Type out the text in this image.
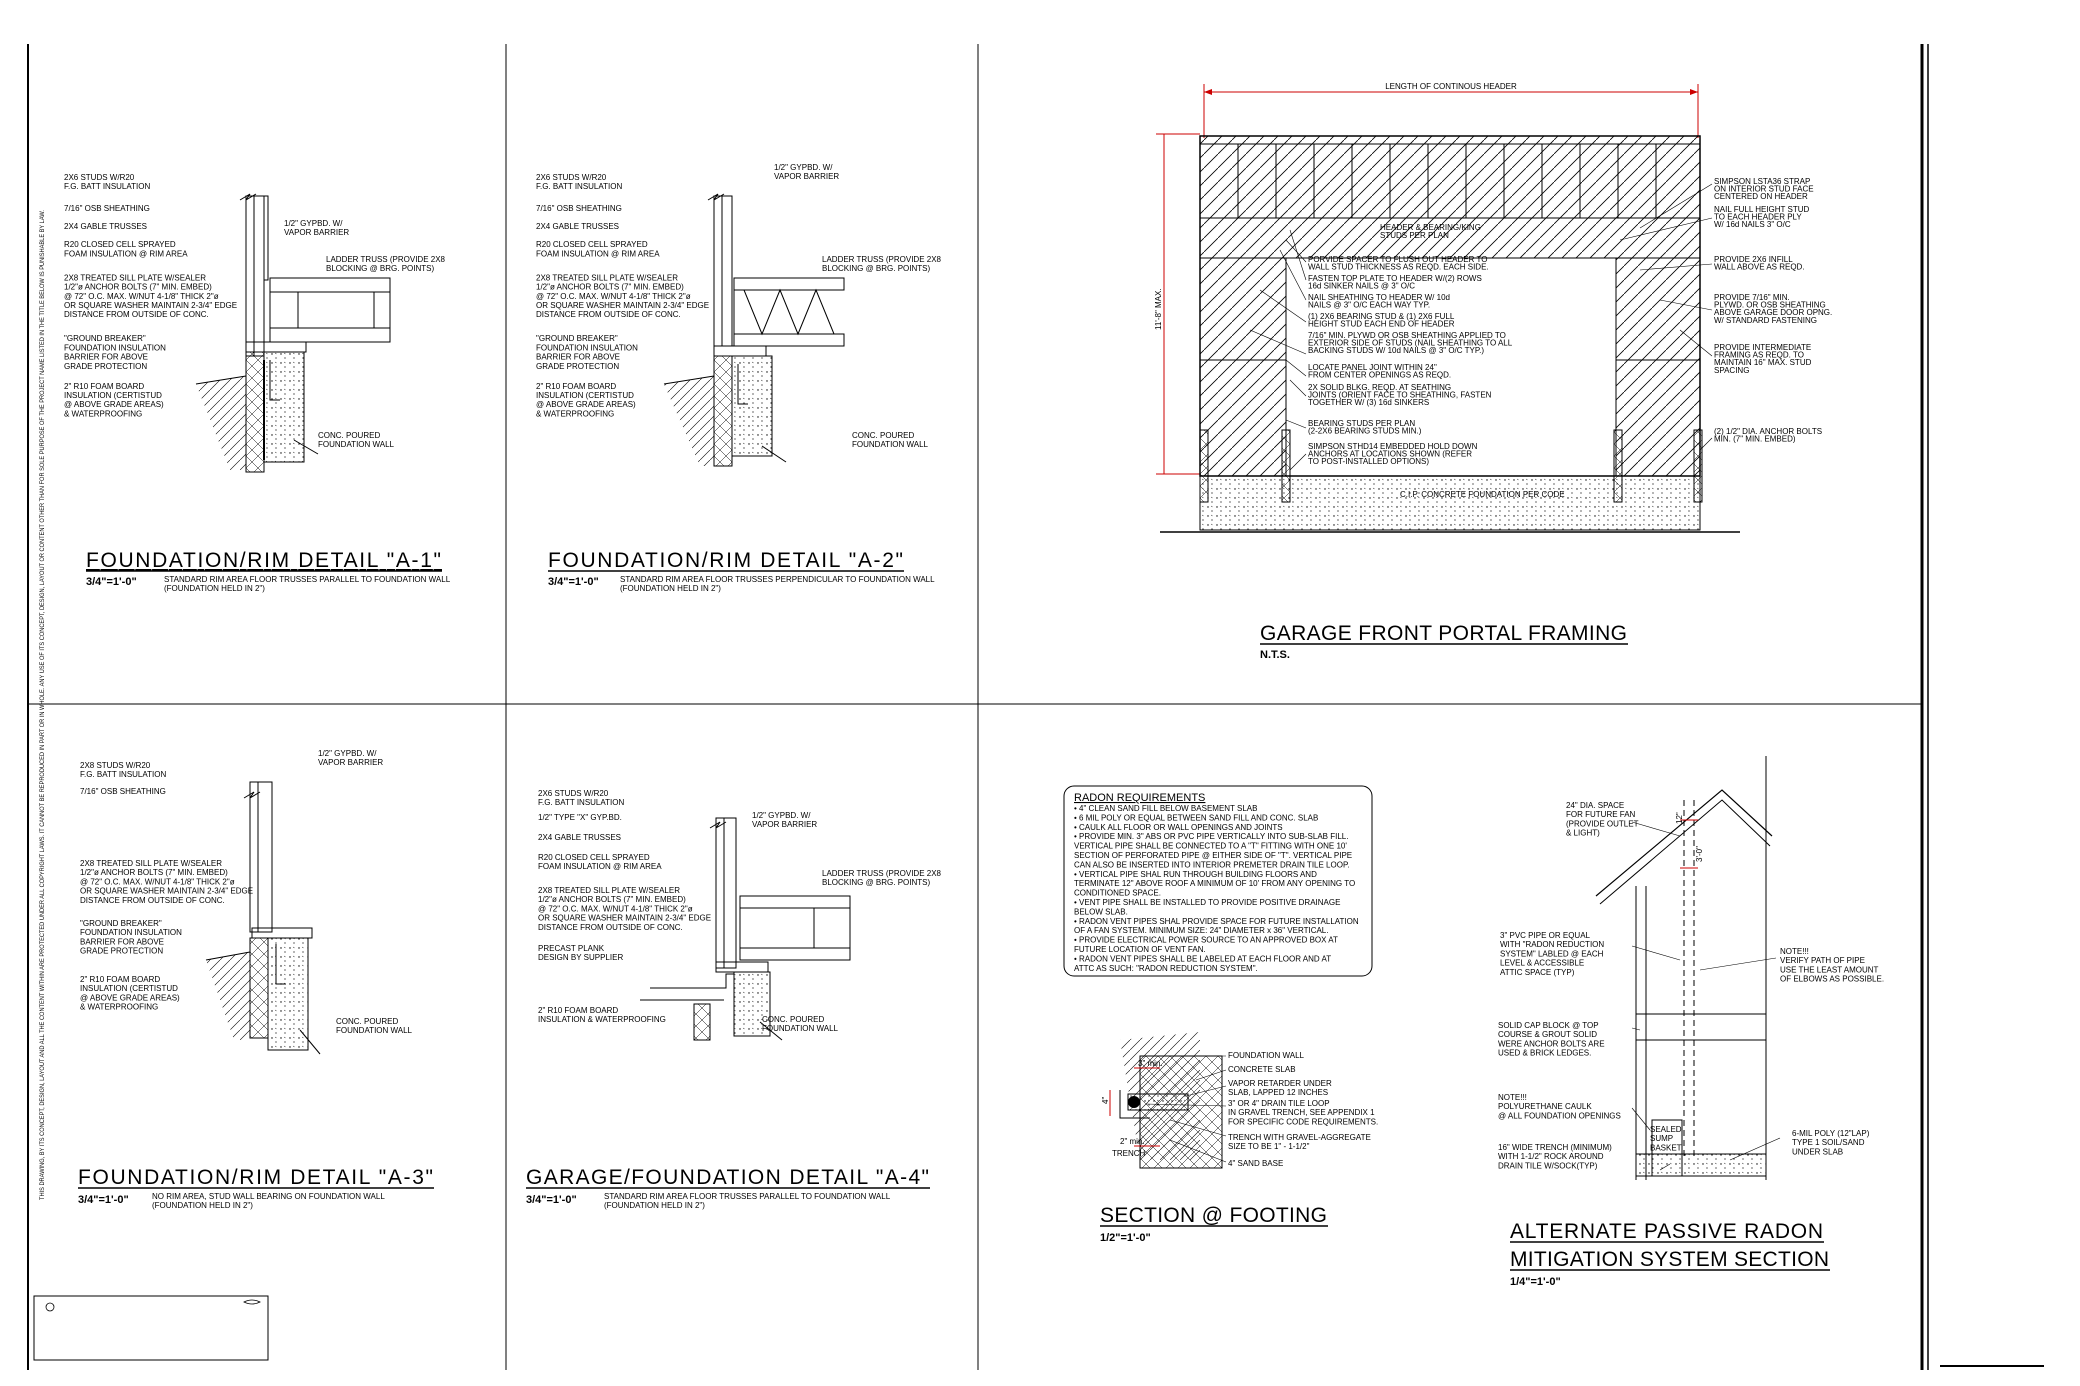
THIS DRAWING, BY ITS CONCEPT, DESIGN, LAYOUT AND ALL THE CONTENT WITHIN ARE PROTECTED UNDER ALL COPYRIGHT LAWS. IT CANNOT BE REPRODUCED IN PART OR IN WHOLE. ANY USE OF ITS CONCEPT, DESIGN, LAYOUT OR CONTENT OTHER THAN FOR SOLE PURPOSE OF THE PROJECT NAME LISTED IN THE TITLE BELOW IS PUNISHABLE BY LAW. 2X6 STUDS W/R20
F.G. BATT INSULATION
7/16" OSB SHEATHING
2X4 GABLE TRUSSES
R20 CLOSED CELL SPRAYED
FOAM INSULATION @ RIM AREA
2X8 TREATED SILL PLATE W/SEALER
1/2"ø ANCHOR BOLTS (7" MIN. EMBED)
@ 72" O.C. MAX. W/NUT 4-1/8" THICK 2"ø
OR SQUARE WASHER MAINTAIN 2-3/4" EDGE
DISTANCE FROM OUTSIDE OF CONC.
"GROUND BREAKER"
FOUNDATION INSULATION
BARRIER FOR ABOVE
GRADE PROTECTION
2" R10 FOAM BOARD
INSULATION (CERTISTUD
@ ABOVE GRADE AREAS)
& WATERPROOFING
1/2" GYPBD. W/
VAPOR BARRIER
LADDER TRUSS (PROVIDE 2X8
BLOCKING @ BRG. POINTS)
CONC. POURED
FOUNDATION WALL
FOUNDATION/RIM DETAIL "A-1"
3/4"=1'-0"	STANDARD RIM AREA FLOOR TRUSSES PARALLEL TO FOUNDATION WALL
(FOUNDATION HELD IN 2")
2X6 STUDS W/R20
F.G. BATT INSULATION
7/16" OSB SHEATHING
2X4 GABLE TRUSSES
R20 CLOSED CELL SPRAYED
FOAM INSULATION @ RIM AREA
2X8 TREATED SILL PLATE W/SEALER
1/2"ø ANCHOR BOLTS (7" MIN. EMBED)
@ 72" O.C. MAX. W/NUT 4-1/8" THICK 2"ø
OR SQUARE WASHER MAINTAIN 2-3/4" EDGE
DISTANCE FROM OUTSIDE OF CONC.
"GROUND BREAKER"
FOUNDATION INSULATION
BARRIER FOR ABOVE
GRADE PROTECTION
2" R10 FOAM BOARD
INSULATION (CERTISTUD
@ ABOVE GRADE AREAS)
& WATERPROOFING
1/2" GYPBD. W/
VAPOR BARRIER
LADDER TRUSS (PROVIDE 2X8
BLOCKING @ BRG. POINTS)
CONC. POURED
FOUNDATION WALL
FOUNDATION/RIM DETAIL "A-2"
3/4"=1'-0"	STANDARD RIM AREA FLOOR TRUSSES PERPENDICULAR TO FOUNDATION WALL
(FOUNDATION HELD IN 2")
2X8 STUDS W/R20
F.G. BATT INSULATION
7/16" OSB SHEATHING
2X8 TREATED SILL PLATE W/SEALER
1/2"ø ANCHOR BOLTS (7" MIN. EMBED)
@ 72" O.C. MAX. W/NUT 4-1/8" THICK 2"ø
OR SQUARE WASHER MAINTAIN 2-3/4" EDGE
DISTANCE FROM OUTSIDE OF CONC.
"GROUND BREAKER"
FOUNDATION INSULATION
BARRIER FOR ABOVE
GRADE PROTECTION
2" R10 FOAM BOARD
INSULATION (CERTISTUD
@ ABOVE GRADE AREAS)
& WATERPROOFING
1/2" GYPBD. W/
VAPOR BARRIER
CONC. POURED
FOUNDATION WALL
FOUNDATION/RIM DETAIL "A-3"
3/4"=1'-0"	NO RIM AREA, STUD WALL BEARING ON FOUNDATION WALL
(FOUNDATION HELD IN 2")
2X6 STUDS W/R20
F.G. BATT INSULATION
1/2" TYPE "X" GYP.BD.
2X4 GABLE TRUSSES
R20 CLOSED CELL SPRAYED
FOAM INSULATION @ RIM AREA
2X8 TREATED SILL PLATE W/SEALER
1/2"ø ANCHOR BOLTS (7" MIN. EMBED)
@ 72" O.C. MAX. W/NUT 4-1/8" THICK 2"ø
OR SQUARE WASHER MAINTAIN 2-3/4" EDGE
DISTANCE FROM OUTSIDE OF CONC.
PRECAST PLANK
DESIGN BY SUPPLIER
2" R10 FOAM BOARD
INSULATION & WATERPROOFING
1/2" GYPBD. W/
VAPOR BARRIER
LADDER TRUSS (PROVIDE 2X8
BLOCKING @ BRG. POINTS)
CONC. POURED
FOUNDATION WALL
GARAGE/FOUNDATION DETAIL "A-4"
3/4"=1'-0"	STANDARD RIM AREA FLOOR TRUSSES PARALLEL TO FOUNDATION WALL
(FOUNDATION HELD IN 2")
LENGTH OF CONTINOUS HEADER
11'-8" MAX.
HEADER & BEARING/KING
STUDS PER PLAN
C.I.P. CONCRETE FOUNDATION PER CODE
PORVIDE SPACER TO FLUSH OUT HEADER TO
WALL STUD THICKNESS AS REQD. EACH SIDE.
FASTEN TOP PLATE TO HEADER W/(2) ROWS
16d SINKER NAILS @ 3" O/C
NAIL SHEATHING TO HEADER W/ 10d
NAILS @ 3" O/C EACH WAY TYP.
(1) 2X6 BEARING STUD & (1) 2X6 FULL
HEIGHT STUD EACH END OF HEADER
7/16" MIN. PLYWD OR OSB SHEATHING APPLIED TO
EXTERIOR SIDE OF STUDS (NAIL SHEATHING TO ALL
BACKING STUDS W/ 10d NAILS @ 3" O/C TYP.)
LOCATE PANEL JOINT WITHIN 24"
FROM CENTER OPENINGS AS REQD.
2X SOLID BLKG. REQD. AT SEATHING
JOINTS (ORIENT FACE TO SHEATHING, FASTEN
TOGETHER W/ (3) 16d SINKERS
BEARING STUDS PER PLAN
(2-2X6 BEARING STUDS MIN.)
SIMPSON STHD14 EMBEDDED HOLD DOWN
ANCHORS AT LOCATIONS SHOWN (REFER
TO POST-INSTALLED OPTIONS)
SIMPSON LSTA36 STRAP
ON INTERIOR STUD FACE
CENTERED ON HEADER
NAIL FULL HEIGHT STUD
TO EACH HEADER PLY
W/ 16d NAILS 3" O/C
PROVIDE 2X6 INFILL
WALL ABOVE AS REQD.
PROVIDE 7/16" MIN.
PLYWD. OR OSB SHEATHING
ABOVE GARAGE DOOR OPNG.
W/ STANDARD FASTENING
PROVIDE INTERMEDIATE
FRAMING AS REQD. TO
MAINTAIN 16" MAX. STUD
SPACING
(2) 1/2" DIA. ANCHOR BOLTS
MIN. (7" MIN. EMBED)
GARAGE FRONT PORTAL FRAMING
N.T.S.
RADON REQUIREMENTS
• 4" CLEAN SAND FILL BELOW BASEMENT SLAB
• 6 MIL POLY OR EQUAL BETWEEN SAND FILL AND CONC. SLAB
• CAULK ALL FLOOR OR WALL OPENINGS AND JOINTS
• PROVIDE MIN. 3" ABS OR PVC PIPE VERTICALLY INTO SUB-SLAB FILL.
VERTICAL PIPE SHALL BE CONNECTED TO A "T" FITTING WITH ONE 10'
SECTION OF PERFORATED PIPE @ EITHER SIDE OF "T". VERTICAL PIPE
CAN ALSO BE INSERTED INTO INTERIOR PREMETER DRAIN TILE LOOP.
• VERTICAL PIPE SHAL RUN THROUGH BUILDING FLOORS AND
TERMINATE 12" ABOVE ROOF A MINIMUM OF 10' FROM ANY OPENING TO
CONDITIONED SPACE.
• VENT PIPE SHALL BE INSTALLED TO PROVIDE POSITIVE DRAINAGE
BELOW SLAB.
• RADON VENT PIPES SHAL PROVIDE SPACE FOR FUTURE INSTALLATION
OF A FAN SYSTEM. MINIMUM SIZE: 24" DIAMETER x 36" VERTICAL.
• PROVIDE ELECTRICAL POWER SOURCE TO AN APPROVED BOX AT
FUTURE LOCATION OF VENT FAN.
• RADON VENT PIPES SHALL BE LABELED AT EACH FLOOR AND AT
ATTC AS SUCH: "RADON REDUCTION SYSTEM".
3" min.
4"
2" min.
TRENCH
FOUNDATION WALL
CONCRETE SLAB
VAPOR RETARDER UNDER
SLAB, LAPPED 12 INCHES
3" OR 4" DRAIN TILE LOOP
IN GRAVEL TRENCH, SEE APPENDIX 1
FOR SPECIFIC CODE REQUIREMENTS.
TRENCH WITH GRAVEL-AGGREGATE
SIZE TO BE 1" - 1-1/2"
4" SAND BASE
SECTION @ FOOTING
1/2"=1'-0"
12"
3'-0"
SEALED
SUMP
BASKET
24" DIA. SPACE
FOR FUTURE FAN
(PROVIDE OUTLET
& LIGHT)
3" PVC PIPE OR EQUAL
WITH "RADON REDUCTION
SYSTEM" LABLED @ EACH
LEVEL & ACCESSIBLE
ATTIC SPACE (TYP)
SOLID CAP BLOCK @ TOP
COURSE & GROUT SOLID
WERE ANCHOR BOLTS ARE
USED & BRICK LEDGES.
NOTE!!!
POLYURETHANE CAULK
@ ALL FOUNDATION OPENINGS
16" WIDE TRENCH (MINIMUM)
WITH 1-1/2" ROCK AROUND
DRAIN TILE W/SOCK(TYP)
NOTE!!!
VERIFY PATH OF PIPE
USE THE LEAST AMOUNT
OF ELBOWS AS POSSIBLE.
6-MIL POLY (12"LAP)
TYPE 1 SOIL/SAND
UNDER SLAB
ALTERNATE PASSIVE RADON
MITIGATION SYSTEM SECTION
1/4"=1'-0"
